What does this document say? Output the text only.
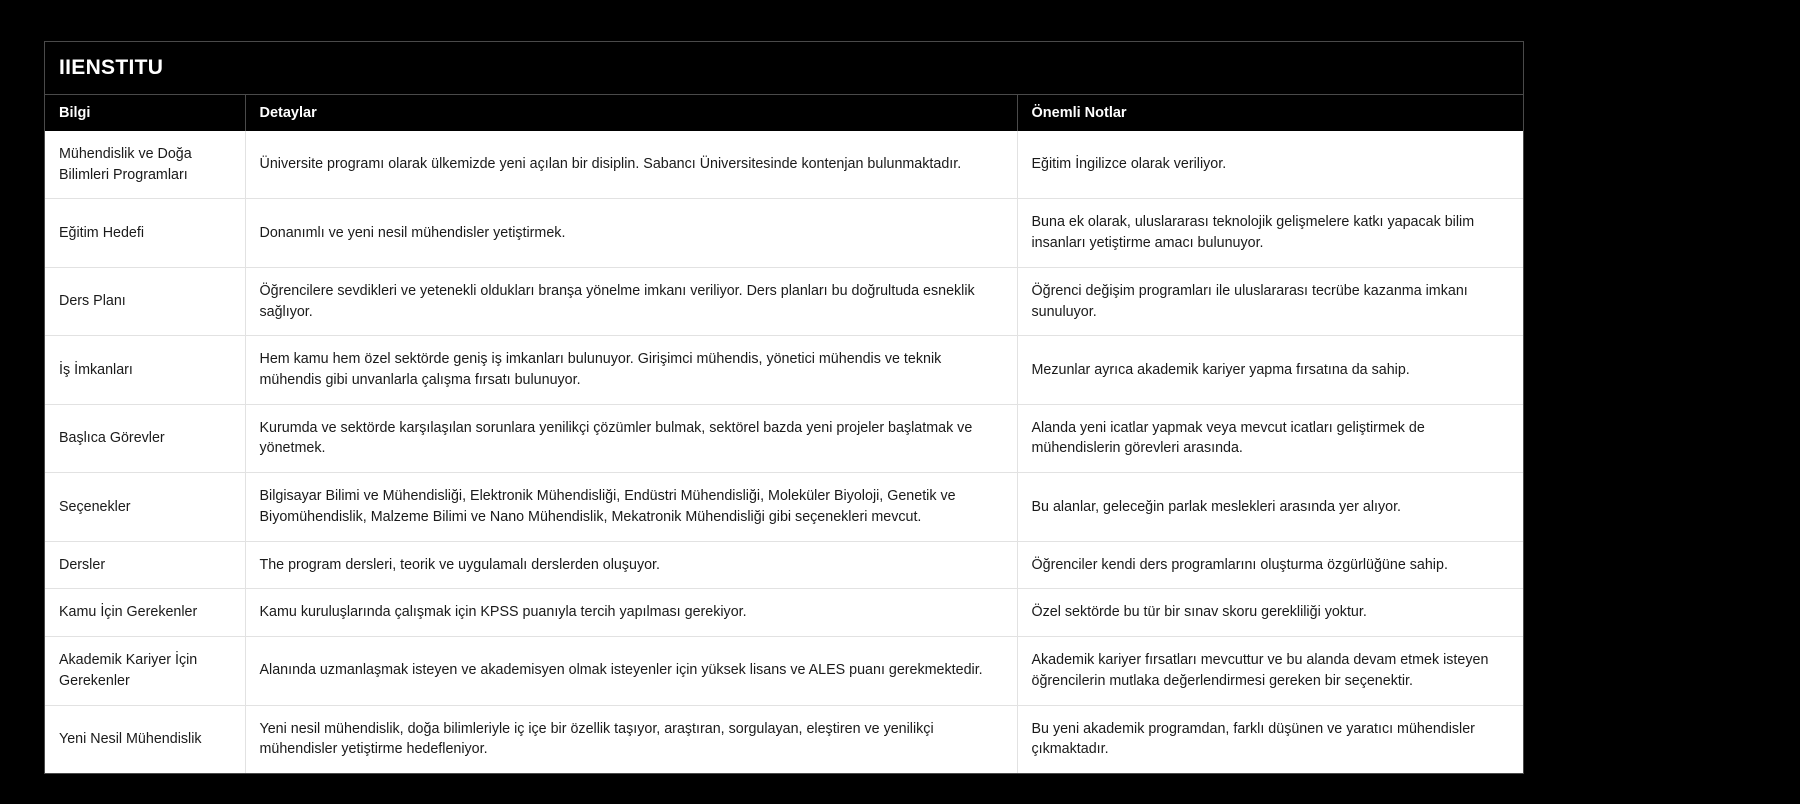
IIENSTITU
Bilgi	Detaylar	Önemli Notlar
Mühendislik ve Doğa Bilimleri Programları	Üniversite programı olarak ülkemizde yeni açılan bir disiplin. Sabancı Üniversitesinde kontenjan bulunmaktadır.	Eğitim İngilizce olarak veriliyor.
Eğitim Hedefi	Donanımlı ve yeni nesil mühendisler yetiştirmek.	Buna ek olarak, uluslararası teknolojik gelişmelere katkı yapacak bilim insanları yetiştirme amacı bulunuyor.
Ders Planı	Öğrencilere sevdikleri ve yetenekli oldukları branşa yönelme imkanı veriliyor. Ders planları bu doğrultuda esneklik sağlıyor.	Öğrenci değişim programları ile uluslararası tecrübe kazanma imkanı sunuluyor.
İş İmkanları	Hem kamu hem özel sektörde geniş iş imkanları bulunuyor. Girişimci mühendis, yönetici mühendis ve teknik mühendis gibi unvanlarla çalışma fırsatı bulunuyor.	Mezunlar ayrıca akademik kariyer yapma fırsatına da sahip.
Başlıca Görevler	Kurumda ve sektörde karşılaşılan sorunlara yenilikçi çözümler bulmak, sektörel bazda yeni projeler başlatmak ve yönetmek.	Alanda yeni icatlar yapmak veya mevcut icatları geliştirmek de mühendislerin görevleri arasında.
Seçenekler	Bilgisayar Bilimi ve Mühendisliği, Elektronik Mühendisliği, Endüstri Mühendisliği, Moleküler Biyoloji, Genetik ve Biyomühendislik, Malzeme Bilimi ve Nano Mühendislik, Mekatronik Mühendisliği gibi seçenekleri mevcut.	Bu alanlar, geleceğin parlak meslekleri arasında yer alıyor.
Dersler	The program dersleri, teorik ve uygulamalı derslerden oluşuyor.	Öğrenciler kendi ders programlarını oluşturma özgürlüğüne sahip.
Kamu İçin Gerekenler	Kamu kuruluşlarında çalışmak için KPSS puanıyla tercih yapılması gerekiyor.	Özel sektörde bu tür bir sınav skoru gerekliliği yoktur.
Akademik Kariyer İçin Gerekenler	Alanında uzmanlaşmak isteyen ve akademisyen olmak isteyenler için yüksek lisans ve ALES puanı gerekmektedir.	Akademik kariyer fırsatları mevcuttur ve bu alanda devam etmek isteyen öğrencilerin mutlaka değerlendirmesi gereken bir seçenektir.
Yeni Nesil Mühendislik	Yeni nesil mühendislik, doğa bilimleriyle iç içe bir özellik taşıyor, araştıran, sorgulayan, eleştiren ve yenilikçi mühendisler yetiştirme hedefleniyor.	Bu yeni akademik programdan, farklı düşünen ve yaratıcı mühendisler çıkmaktadır.
